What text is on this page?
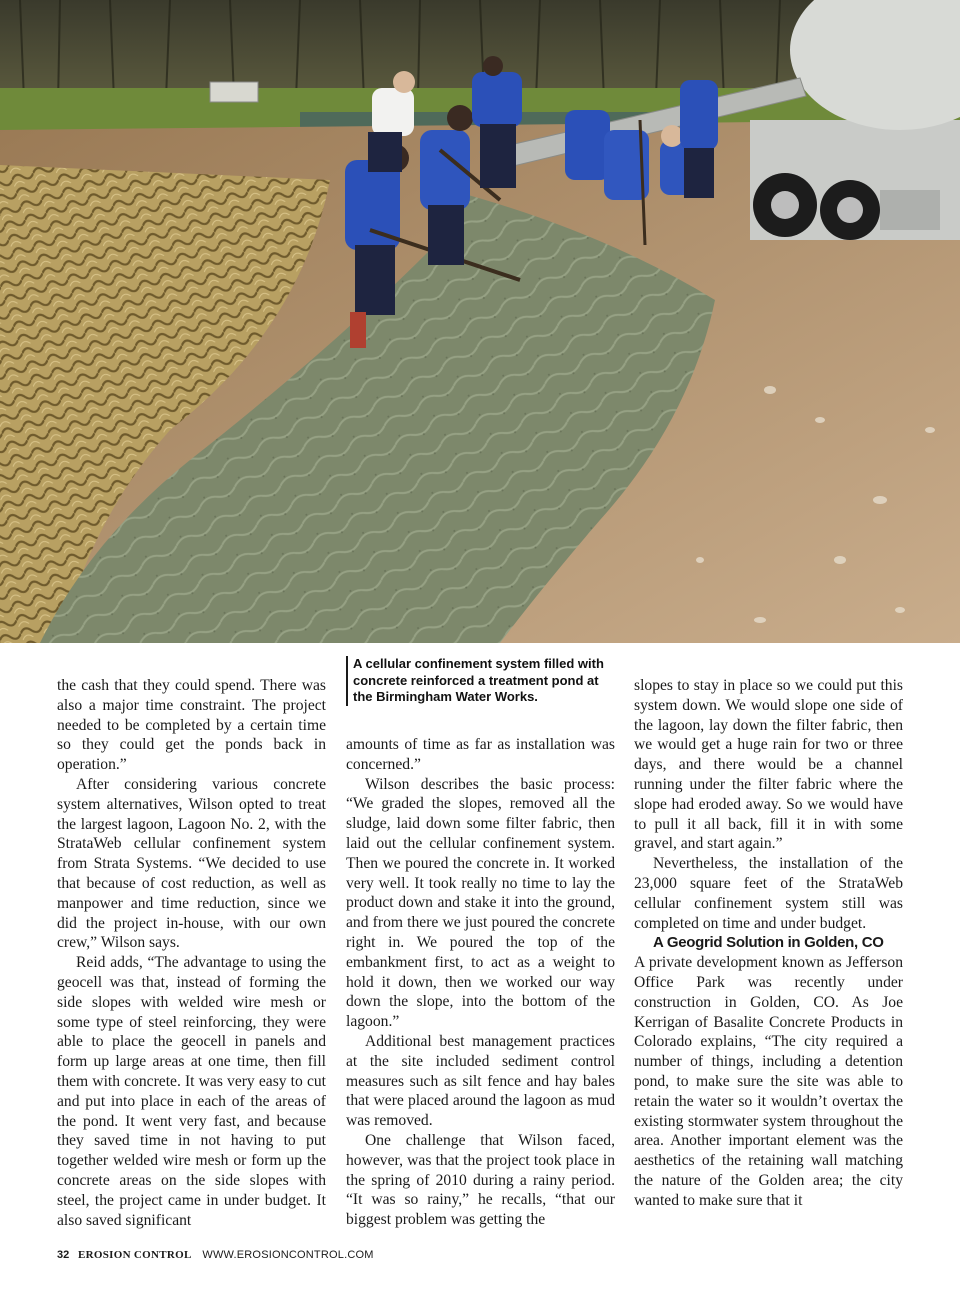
A cellular confinement system filled with concrete reinforced a treatment pond at the Birmingham Water Works.

the cash that they could spend. There was also a major time constraint. The project needed to be completed by a certain time so they could get the ponds back in operation.”

After considering various concrete system alternatives, Wilson opted to treat the largest lagoon, Lagoon No. 2, with the StrataWeb cellular confinement system from Strata Systems. “We decided to use that because of cost reduction, as well as manpower and time reduction, since we did the project in-house, with our own crew,” Wilson says.

Reid adds, “The advantage to using the geocell was that, instead of forming the side slopes with welded wire mesh or some type of steel reinforcing, they were able to place the geocell in panels and form up large areas at one time, then fill them with concrete. It was very easy to cut and put into place in each of the areas of the pond. It went very fast, and because they saved time in not having to put together welded wire mesh or form up the concrete areas on the side slopes with steel, the project came in under budget. It also saved significant

amounts of time as far as installation was concerned.”

Wilson describes the basic process: “We graded the slopes, removed all the sludge, laid down some filter fabric, then laid out the cellular confinement system. Then we poured the concrete in. It worked very well. It took really no time to lay the product down and stake it into the ground, and from there we just poured the concrete right in. We poured the top of the embankment first, to act as a weight to hold it down, then we worked our way down the slope, into the bottom of the lagoon.”

Additional best management practices at the site included sediment control measures such as silt fence and hay bales that were placed around the lagoon as mud was removed.

One challenge that Wilson faced, however, was that the project took place in the spring of 2010 during a rainy period. “It was so rainy,” he recalls, “that our biggest problem was getting the

slopes to stay in place so we could put this system down. We would slope one side of the lagoon, lay down the filter fabric, then we would get a huge rain for two or three days, and there would be a channel running under the filter fabric where the slope had eroded away. So we would have to pull it all back, fill it in with some gravel, and start again.”

Nevertheless, the installation of the 23,000 square feet of the StrataWeb cellular confinement system still was completed on time and under budget.

A Geogrid Solution in Golden, CO

A private development known as Jefferson Office Park was recently under construction in Golden, CO. As Joe Kerrigan of Basalite Concrete Products in Colorado explains, “The city required a number of things, including a detention pond, to make sure the site was able to retain the water so it wouldn’t overtax the existing stormwater system throughout the area. Another important element was the aesthetics of the retaining wall matching the nature of the Golden area; the city wanted to make sure that it

32 EROSION CONTROL WWW.EROSIONCONTROL.COM
